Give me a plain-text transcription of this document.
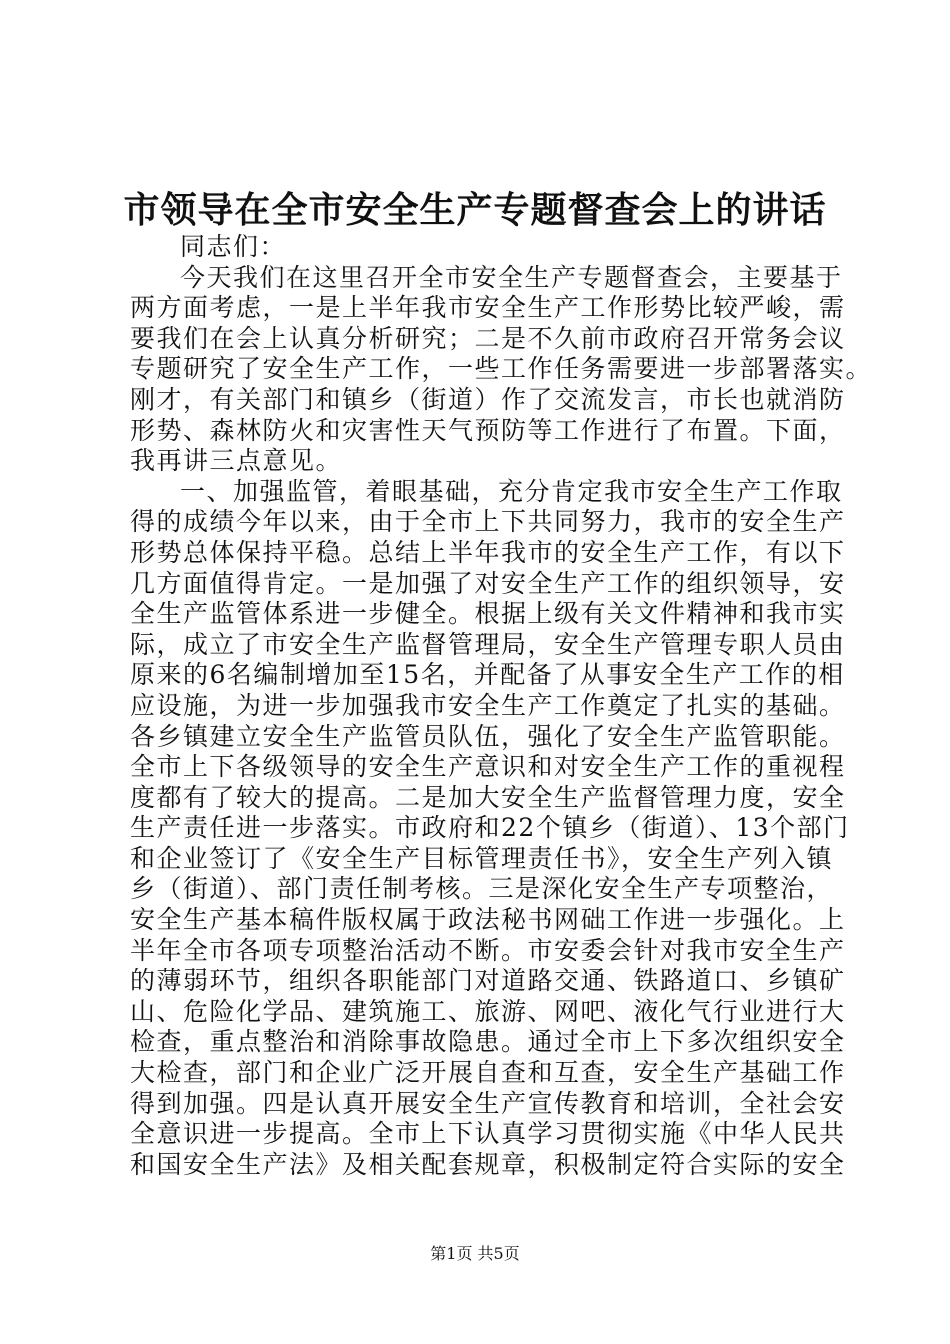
市领导在全市安全生产专题督查会上的讲话

同志们：

今天我们在这里召开全市安全生产专题督查会，主要基于
两方面考虑，一是上半年我市安全生产工作形势比较严峻，需
要我们在会上认真分析研究；二是不久前市政府召开常务会议
专题研究了安全生产工作，一些工作任务需要进一步部署落实。
刚才，有关部门和镇乡（街道）作了交流发言，市长也就消防
形势、森林防火和灾害性天气预防等工作进行了布置。下面，
我再讲三点意见。

一、加强监管，着眼基础，充分肯定我市安全生产工作取
得的成绩今年以来，由于全市上下共同努力，我市的安全生产
形势总体保持平稳。总结上半年我市的安全生产工作，有以下
几方面值得肯定。一是加强了对安全生产工作的组织领导，安
全生产监管体系进一步健全。根据上级有关文件精神和我市实
际，成立了市安全生产监督管理局，安全生产管理专职人员由
原来的6名编制增加至15名，并配备了从事安全生产工作的相
应设施，为进一步加强我市安全生产工作奠定了扎实的基础。
各乡镇建立安全生产监管员队伍，强化了安全生产监管职能。
全市上下各级领导的安全生产意识和对安全生产工作的重视程
度都有了较大的提高。二是加大安全生产监督管理力度，安全
生产责任进一步落实。市政府和22个镇乡（街道）、13个部门
和企业签订了《安全生产目标管理责任书》，安全生产列入镇
乡（街道）、部门责任制考核。三是深化安全生产专项整治，
安全生产基本稿件版权属于政法秘书网础工作进一步强化。上
半年全市各项专项整治活动不断。市安委会针对我市安全生产
的薄弱环节，组织各职能部门对道路交通、铁路道口、乡镇矿
山、危险化学品、建筑施工、旅游、网吧、液化气行业进行大
检查，重点整治和消除事故隐患。通过全市上下多次组织安全
大检查，部门和企业广泛开展自查和互查，安全生产基础工作
得到加强。四是认真开展安全生产宣传教育和培训，全社会安
全意识进一步提高。全市上下认真学习贯彻实施《中华人民共
和国安全生产法》及相关配套规章，积极制定符合实际的安全

第1页 共5页
